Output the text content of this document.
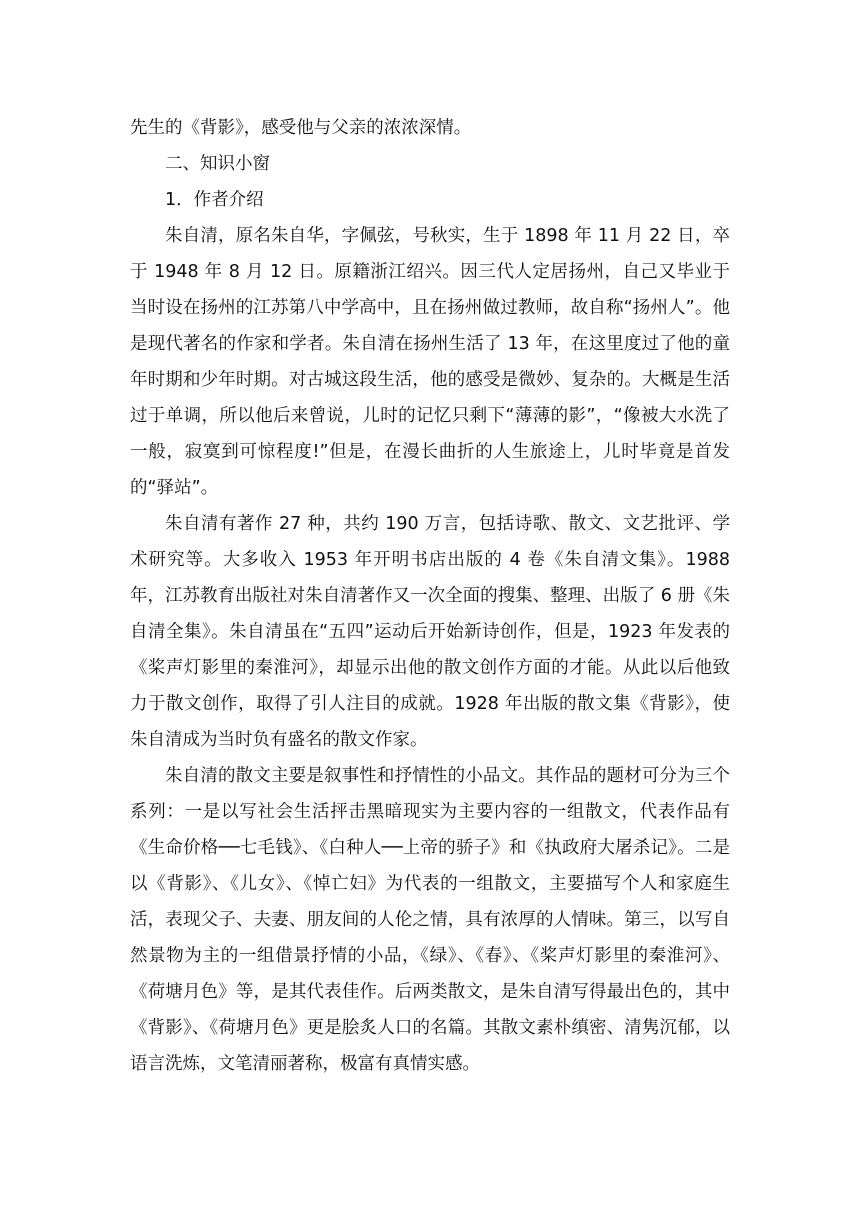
先生的《背影》，感受他与父亲的浓浓深情。

二、知识小窗

1．作者介绍

朱自清，原名朱自华，字佩弦，号秋实，生于 1898 年 11 月 22 日，卒于 1948 年 8 月 12 日。原籍浙江绍兴。因三代人定居扬州，自己又毕业于当时设在扬州的江苏第八中学高中，且在扬州做过教师，故自称“扬州人”。他是现代著名的作家和学者。朱自清在扬州生活了 13 年，在这里度过了他的童年时期和少年时期。对古城这段生活，他的感受是微妙、复杂的。大概是生活过于单调，所以他后来曾说，儿时的记忆只剩下“薄薄的影”，“像被大水洗了一般，寂寞到可惊程度!”但是，在漫长曲折的人生旅途上，儿时毕竟是首发的“驿站”。

朱自清有著作 27 种，共约 190 万言，包括诗歌、散文、文艺批评、学术研究等。大多收入 1953 年开明书店出版的 4 卷《朱自清文集》。1988 年，江苏教育出版社对朱自清著作又一次全面的搜集、整理、出版了 6 册《朱自清全集》。朱自清虽在“五四”运动后开始新诗创作，但是，1923 年发表的《桨声灯影里的秦淮河》，却显示出他的散文创作方面的才能。从此以后他致力于散文创作，取得了引人注目的成就。1928 年出版的散文集《背影》，使朱自清成为当时负有盛名的散文作家。

朱自清的散文主要是叙事性和抒情性的小品文。其作品的题材可分为三个系列：一是以写社会生活抨击黑暗现实为主要内容的一组散文，代表作品有《生命价格──七毛钱》、《白种人──上帝的骄子》和《执政府大屠杀记》。二是以《背影》、《儿女》、《悼亡妇》为代表的一组散文，主要描写个人和家庭生活，表现父子、夫妻、朋友间的人伦之情，具有浓厚的人情味。第三，以写自然景物为主的一组借景抒情的小品，《绿》、《春》、《桨声灯影里的秦淮河》、《荷塘月色》等，是其代表佳作。后两类散文，是朱自清写得最出色的，其中《背影》、《荷塘月色》更是脍炙人口的名篇。其散文素朴缜密、清隽沉郁，以语言洗炼，文笔清丽著称，极富有真情实感。
